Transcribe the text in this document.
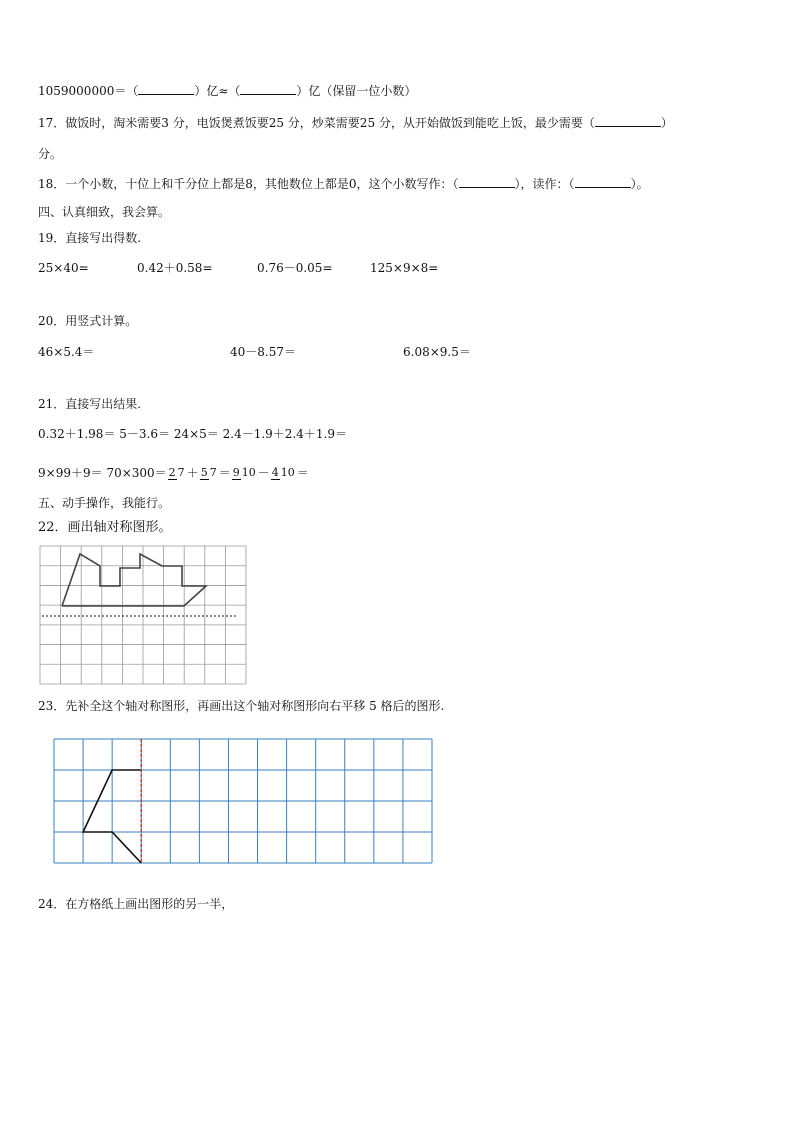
1059000000＝（	）亿≈（	）亿（保留一位小数）
17．做饭时，淘米需要3 分，电饭煲煮饭要25 分，炒菜需要25 分，从开始做饭到能吃上饭，最少需要（	）
分。
18．一个小数，十位上和千分位上都是8，其他数位上都是0，这个小数写作：（	），读作：（	）。
四、认真细致，我会算。
19．直接写出得数.
25×40=	0.42＋0.58=	0.76－0.05=	125×9×8=
20．用竖式计算。
46×5.4＝	40－8.57＝	6.08×9.5＝
21．直接写出结果.
0.32＋1.98＝ 5－3.6＝ 24×5＝ 2.4－1.9＋2.4＋1.9＝
9×99＋9＝ 70×300＝ 2 7 ＋ 5 7 ＝ 9 10 － 4 10 ＝
五、动手操作，我能行。
22．画出轴对称图形。
23．先补全这个轴对称图形，再画出这个轴对称图形向右平移 5 格后的图形.
24．在方格纸上画出图形的另一半，
